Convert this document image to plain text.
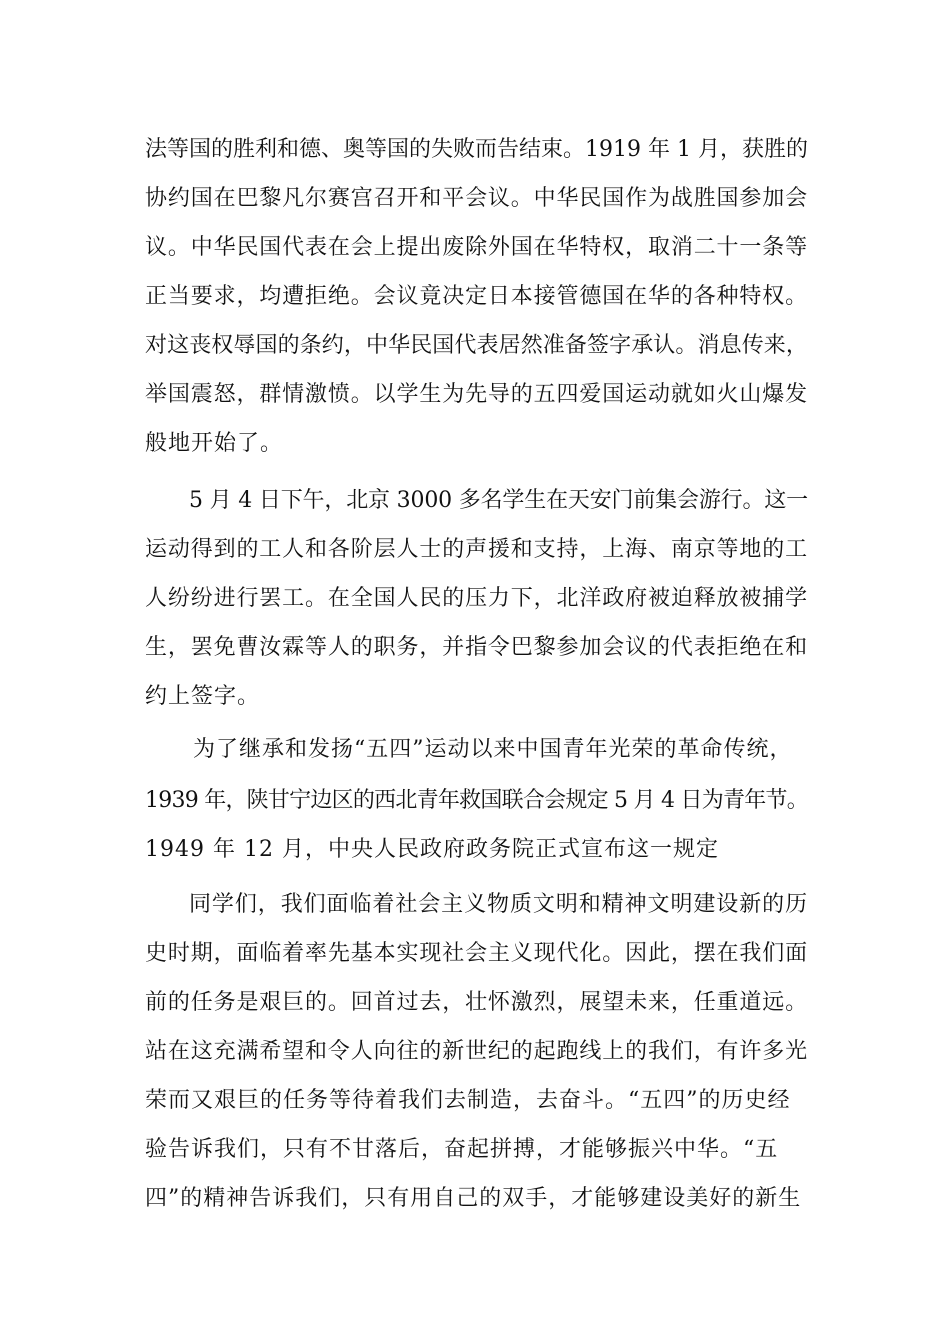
法等国的胜利和德、奥等国的失败而告结束。1919 年 1 月，获胜的
协约国在巴黎凡尔赛宫召开和平会议。中华民国作为战胜国参加会
议。中华民国代表在会上提出废除外国在华特权，取消二十一条等
正当要求，均遭拒绝。会议竟决定日本接管德国在华的各种特权。
对这丧权辱国的条约，中华民国代表居然准备签字承认。消息传来，
举国震怒，群情激愤。以学生为先导的五四爱国运动就如火山爆发
般地开始了。
5 月 4 日下午，北京 3000 多名学生在天安门前集会游行。这一
运动得到的工人和各阶层人士的声援和支持，上海、南京等地的工
人纷纷进行罢工。在全国人民的压力下，北洋政府被迫释放被捕学
生，罢免曹汝霖等人的职务，并指令巴黎参加会议的代表拒绝在和
约上签字。
为了继承和发扬“五四”运动以来中国青年光荣的革命传统，
1939 年，陕甘宁边区的西北青年救国联合会规定 5 月 4 日为青年节。
1949 年 12 月，中央人民政府政务院正式宣布这一规定
同学们，我们面临着社会主义物质文明和精神文明建设新的历
史时期，面临着率先基本实现社会主义现代化。因此，摆在我们面
前的任务是艰巨的。回首过去，壮怀激烈，展望未来，任重道远。
站在这充满希望和令人向往的新世纪的起跑线上的我们，有许多光
荣而又艰巨的任务等待着我们去制造，去奋斗。“五四”的历史经
验告诉我们，只有不甘落后，奋起拼搏，才能够振兴中华。“五
四”的精神告诉我们，只有用自己的双手，才能够建设美好的新生
